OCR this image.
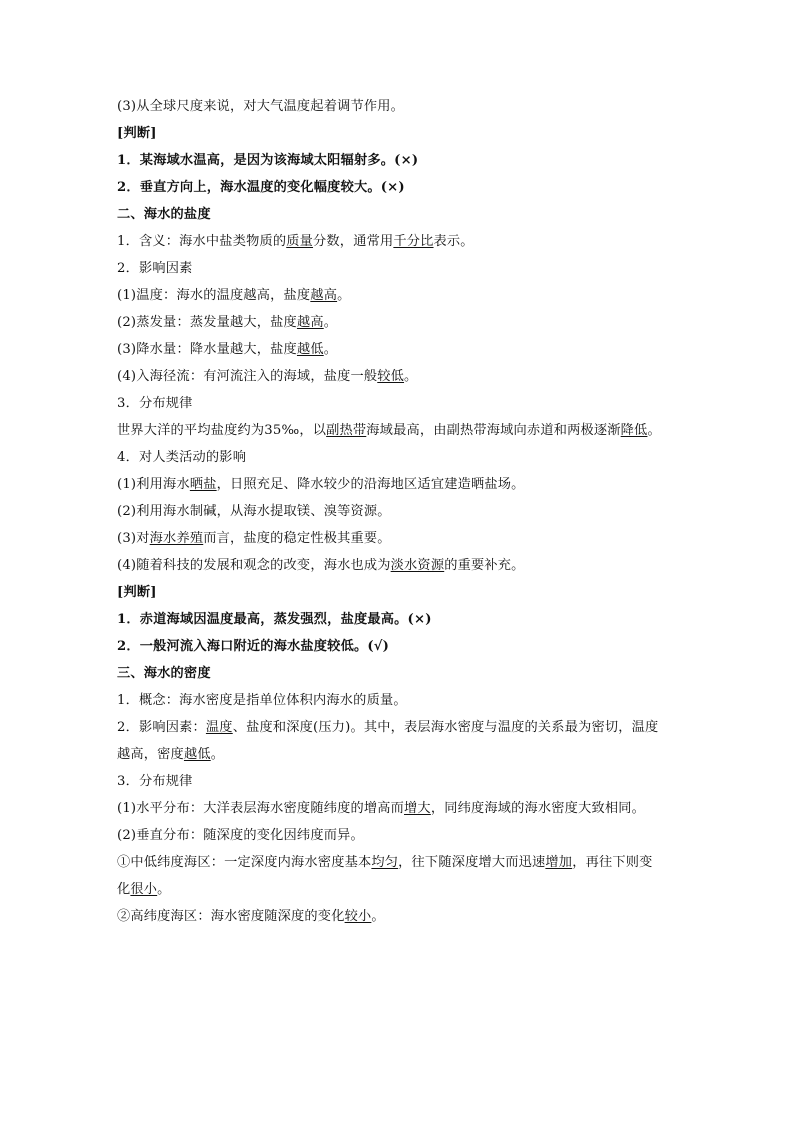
(3)从全球尺度来说，对大气温度起着调节作用。
[判断]
1．某海域水温高，是因为该海域太阳辐射多。(×)
2．垂直方向上，海水温度的变化幅度较大。(×)
二、海水的盐度
1．含义：海水中盐类物质的质量分数，通常用千分比表示。
2．影响因素
(1)温度：海水的温度越高，盐度越高。
(2)蒸发量：蒸发量越大，盐度越高。
(3)降水量：降水量越大，盐度越低。
(4)入海径流：有河流注入的海域，盐度一般较低。
3．分布规律
世界大洋的平均盐度约为35‰，以副热带海域最高，由副热带海域向赤道和两极逐渐降低。
4．对人类活动的影响
(1)利用海水晒盐，日照充足、降水较少的沿海地区适宜建造晒盐场。
(2)利用海水制碱，从海水提取镁、溴等资源。
(3)对海水养殖而言，盐度的稳定性极其重要。
(4)随着科技的发展和观念的改变，海水也成为淡水资源的重要补充。
[判断]
1．赤道海域因温度最高，蒸发强烈，盐度最高。(×)
2．一般河流入海口附近的海水盐度较低。(√)
三、海水的密度
1．概念：海水密度是指单位体积内海水的质量。
2．影响因素：温度、盐度和深度(压力)。其中，表层海水密度与温度的关系最为密切，温度
越高，密度越低。
3．分布规律
(1)水平分布：大洋表层海水密度随纬度的增高而增大，同纬度海域的海水密度大致相同。
(2)垂直分布：随深度的变化因纬度而异。
①中低纬度海区：一定深度内海水密度基本均匀，往下随深度增大而迅速增加，再往下则变
化很小。
②高纬度海区：海水密度随深度的变化较小。
